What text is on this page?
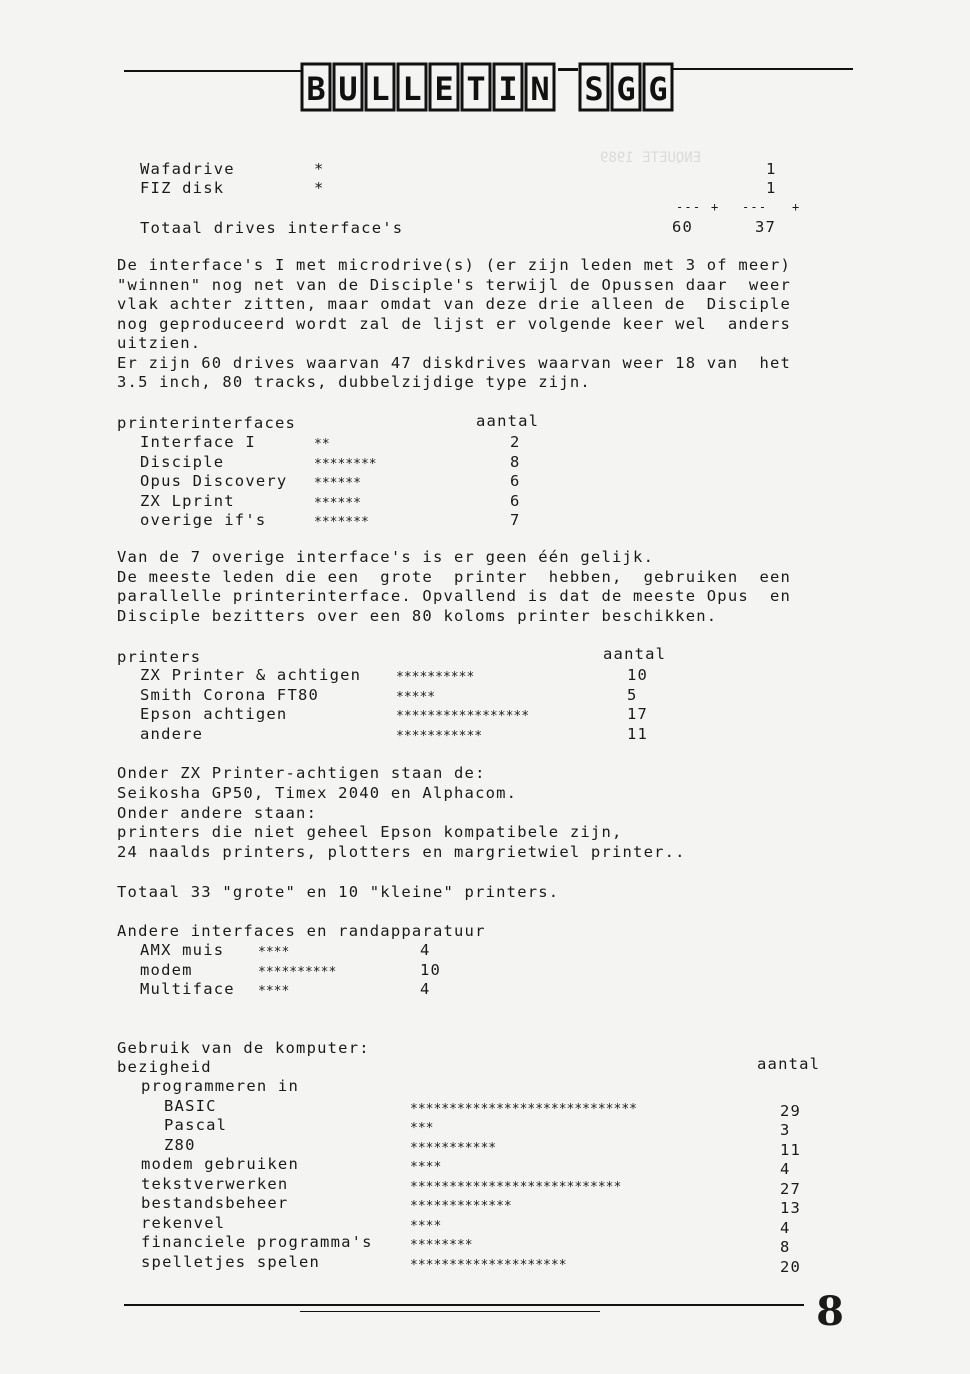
ENQUETE 1989
B U L L E T I N S G G
Wafadrive	*	1
FIZ disk	*	1
--- + --- +
Totaal drives interface's	60	37
De interface's I met microdrive(s) (er zijn leden met 3 of meer)
"winnen" nog net van de Disciple's terwijl de Opussen daar  weer
vlak achter zitten, maar omdat van deze drie alleen de  Disciple
nog geproduceerd wordt zal de lijst er volgende keer wel  anders
uitzien.
Er zijn 60 drives waarvan 47 diskdrives waarvan weer 18 van  het
3.5 inch, 80 tracks, dubbelzijdige type zijn.
printerinterfaces	aantal
Interface I	**	2
Disciple	********	8
Opus Discovery ******	6
ZX Lprint	******	6
overige if's	*******	7
Van de 7 overige interface's is er geen één gelijk.
De meeste leden die een  grote  printer  hebben,  gebruiken  een
parallelle printerinterface. Opvallend is dat de meeste Opus  en
Disciple bezitters over een 80 koloms printer beschikken.
printers	aantal
ZX Printer & achtigen	**********	10
Smith Corona FT80	*****	5
Epson achtigen	*****************	17
andere	***********	11
Onder ZX Printer-achtigen staan de:
Seikosha GP50, Timex 2040 en Alphacom.
Onder andere staan:
printers die niet geheel Epson kompatibele zijn,
24 naalds printers, plotters en margrietwiel printer..
Totaal 33 "grote" en 10 "kleine" printers.
Andere interfaces en randapparatuur
AMX muis	****	4
modem	**********	10
Multiface ****	4
Gebruik van de komputer:
bezigheid	aantal
programmeren in
BASIC	*****************************	29
Pascal	***	3
Z80	***********	11
modem gebruiken	****	4
tekstverwerken	***************************	27
bestandsbeheer	*************	13
rekenvel	****	4
financiele programma's	********	8
spelletjes spelen	********************	20
8
